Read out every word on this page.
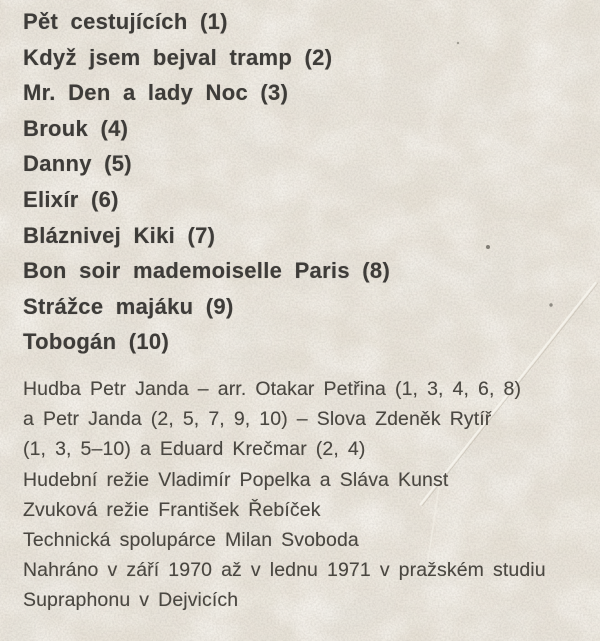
Pět cestujících (1)
Když jsem bejval tramp (2)
Mr. Den a lady Noc (3)
Brouk (4)
Danny (5)
Elixír (6)
Bláznivej Kiki (7)
Bon soir mademoiselle Paris (8)
Strážce majáku (9)
Tobogán (10)
Hudba Petr Janda – arr. Otakar Petřina (1, 3, 4, 6, 8)
a Petr Janda (2, 5, 7, 9, 10) – Slova Zdeněk Rytíř
(1, 3, 5–10) a Eduard Krečmar (2, 4)
Hudební režie Vladimír Popelka a Sláva Kunst
Zvuková režie František Řebíček
Technická spolupárce Milan Svoboda
Nahráno v září 1970 až v lednu 1971 v pražském studiu
Supraphonu v Dejvicích
